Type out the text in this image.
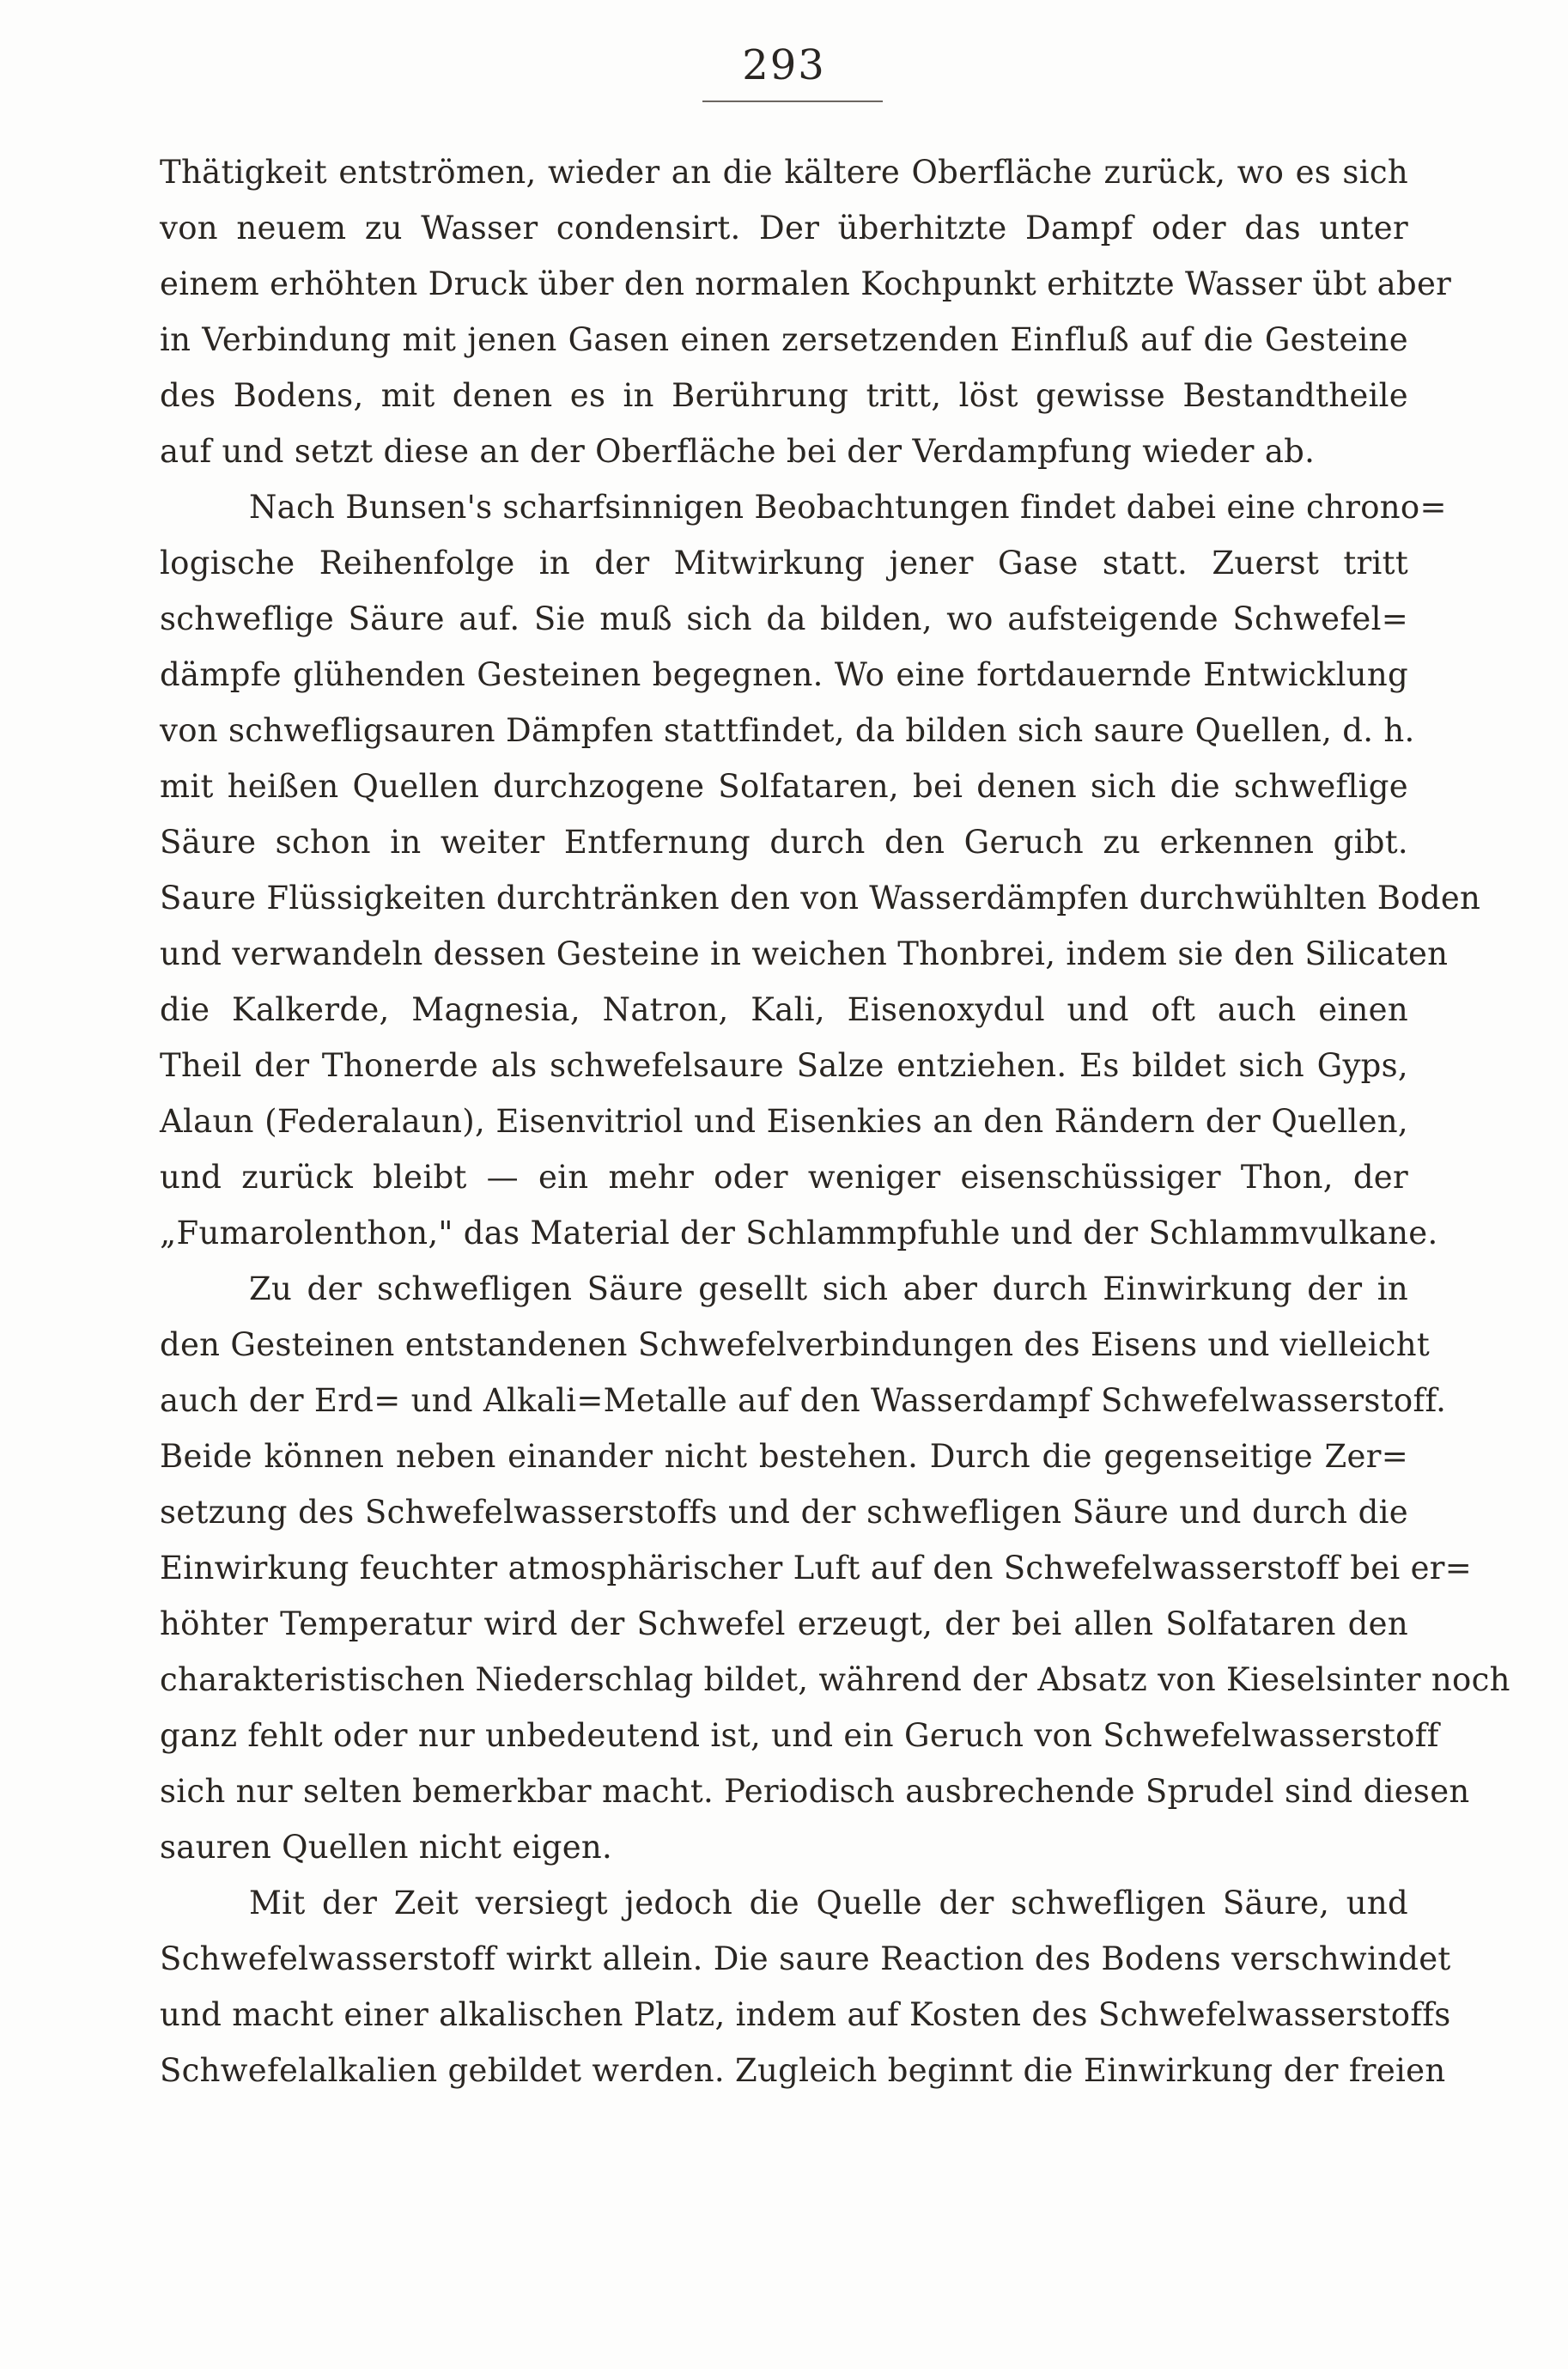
293
Thätigkeit entströmen, wieder an die kältere Oberfläche zurück, wo es sich
von neuem zu Wasser condensirt. Der überhitzte Dampf oder das unter
einem erhöhten Druck über den normalen Kochpunkt erhitzte Wasser übt aber
in Verbindung mit jenen Gasen einen zersetzenden Einfluß auf die Gesteine
des Bodens, mit denen es in Berührung tritt, löst gewisse Bestandtheile
auf und setzt diese an der Oberfläche bei der Verdampfung wieder ab.
Nach Bunsen's scharfsinnigen Beobachtungen findet dabei eine chrono=
logische Reihenfolge in der Mitwirkung jener Gase statt. Zuerst tritt
schweflige Säure auf. Sie muß sich da bilden, wo aufsteigende Schwefel=
dämpfe glühenden Gesteinen begegnen. Wo eine fortdauernde Entwicklung
von schwefligsauren Dämpfen stattfindet, da bilden sich saure Quellen, d. h.
mit heißen Quellen durchzogene Solfataren, bei denen sich die schweflige
Säure schon in weiter Entfernung durch den Geruch zu erkennen gibt.
Saure Flüssigkeiten durchtränken den von Wasserdämpfen durchwühlten Boden
und verwandeln dessen Gesteine in weichen Thonbrei, indem sie den Silicaten
die Kalkerde, Magnesia, Natron, Kali, Eisenoxydul und oft auch einen
Theil der Thonerde als schwefelsaure Salze entziehen. Es bildet sich Gyps,
Alaun (Federalaun), Eisenvitriol und Eisenkies an den Rändern der Quellen,
und zurück bleibt — ein mehr oder weniger eisenschüssiger Thon, der
„Fumarolenthon," das Material der Schlammpfuhle und der Schlammvulkane.
Zu der schwefligen Säure gesellt sich aber durch Einwirkung der in
den Gesteinen entstandenen Schwefelverbindungen des Eisens und vielleicht
auch der Erd= und Alkali=Metalle auf den Wasserdampf Schwefelwasserstoff.
Beide können neben einander nicht bestehen. Durch die gegenseitige Zer=
setzung des Schwefelwasserstoffs und der schwefligen Säure und durch die
Einwirkung feuchter atmosphärischer Luft auf den Schwefelwasserstoff bei er=
höhter Temperatur wird der Schwefel erzeugt, der bei allen Solfataren den
charakteristischen Niederschlag bildet, während der Absatz von Kieselsinter noch
ganz fehlt oder nur unbedeutend ist, und ein Geruch von Schwefelwasserstoff
sich nur selten bemerkbar macht. Periodisch ausbrechende Sprudel sind diesen
sauren Quellen nicht eigen.
Mit der Zeit versiegt jedoch die Quelle der schwefligen Säure, und
Schwefelwasserstoff wirkt allein. Die saure Reaction des Bodens verschwindet
und macht einer alkalischen Platz, indem auf Kosten des Schwefelwasserstoffs
Schwefelalkalien gebildet werden. Zugleich beginnt die Einwirkung der freien
